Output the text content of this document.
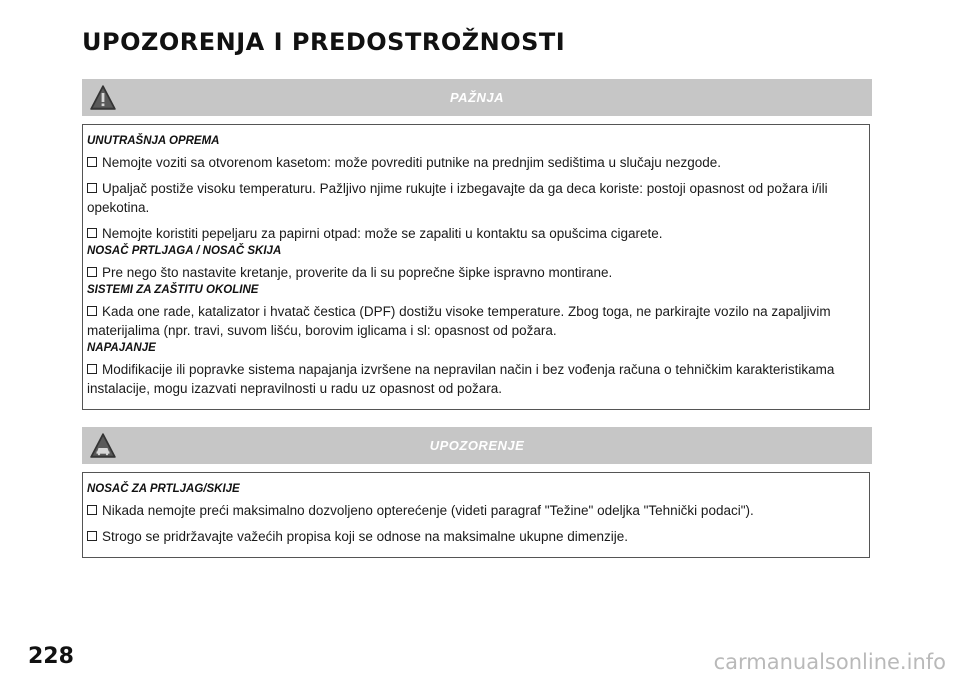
UPOZORENJA I PREDOSTROŽNOSTI
PAŽNJA
UNUTRAŠNJA OPREMA
Nemojte voziti sa otvorenom kasetom: može povrediti putnike na prednjim sedištima u slučaju nezgode.
Upaljač postiže visoku temperaturu. Pažljivo njime rukujte i izbegavajte da ga deca koriste: postoji opasnost od požara i/ili opekotina.
Nemojte koristiti pepeljaru za papirni otpad: može se zapaliti u kontaktu sa opušcima cigarete.
NOSAČ PRTLJAGA / NOSAČ SKIJA
Pre nego što nastavite kretanje, proverite da li su poprečne šipke ispravno montirane.
SISTEMI ZA ZAŠTITU OKOLINE
Kada one rade, katalizator i hvatač čestica (DPF) dostižu visoke temperature. Zbog toga, ne parkirajte vozilo na zapaljivim materijalima (npr. travi, suvom lišću, borovim iglicama i sl: opasnost od požara.
NAPAJANJE
Modifikacije ili popravke sistema napajanja izvršene na nepravilan način i bez vođenja računa o tehničkim karakteristikama instalacije, mogu izazvati nepravilnosti u radu uz opasnost od požara.
UPOZORENJE
NOSAČ ZA PRTLJAG/SKIJE
Nikada nemojte preći maksimalno dozvoljeno opterećenje (videti paragraf "Težine" odeljka "Tehnički podaci").
Strogo se pridržavajte važećih propisa koji se odnose na maksimalne ukupne dimenzije.
228	carmanualsonline.info
